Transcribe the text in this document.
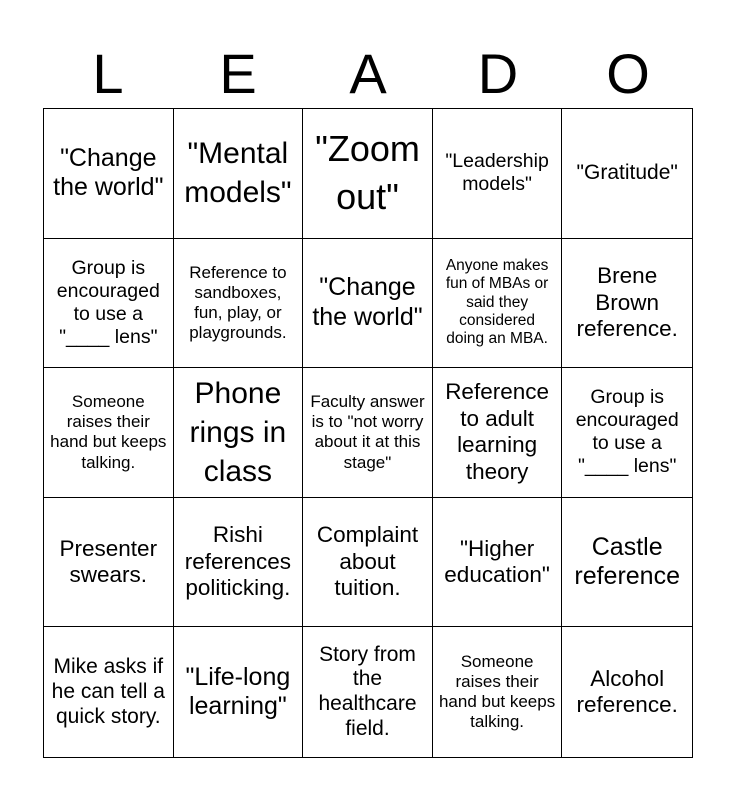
L	E	A	D	O
"Change the world"
"Mental models"
"Zoom out"
"Leadership models"
"Gratitude"
Group is encouraged to use a "____ lens"
Reference to sandboxes, fun, play, or playgrounds.
"Change the world"
Anyone makes fun of MBAs or said they considered doing an MBA.
Brene Brown reference.
Someone raises their hand but keeps talking.
Phone rings in class
Faculty answer is to "not worry about it at this stage"
Reference to adult learning theory
Group is encouraged to use a "____ lens"
Presenter swears.
Rishi references politicking.
Complaint about tuition.
"Higher education"
Castle reference
Mike asks if he can tell a quick story.
"Life-long learning"
Story from the healthcare field.
Someone raises their hand but keeps talking.
Alcohol reference.
